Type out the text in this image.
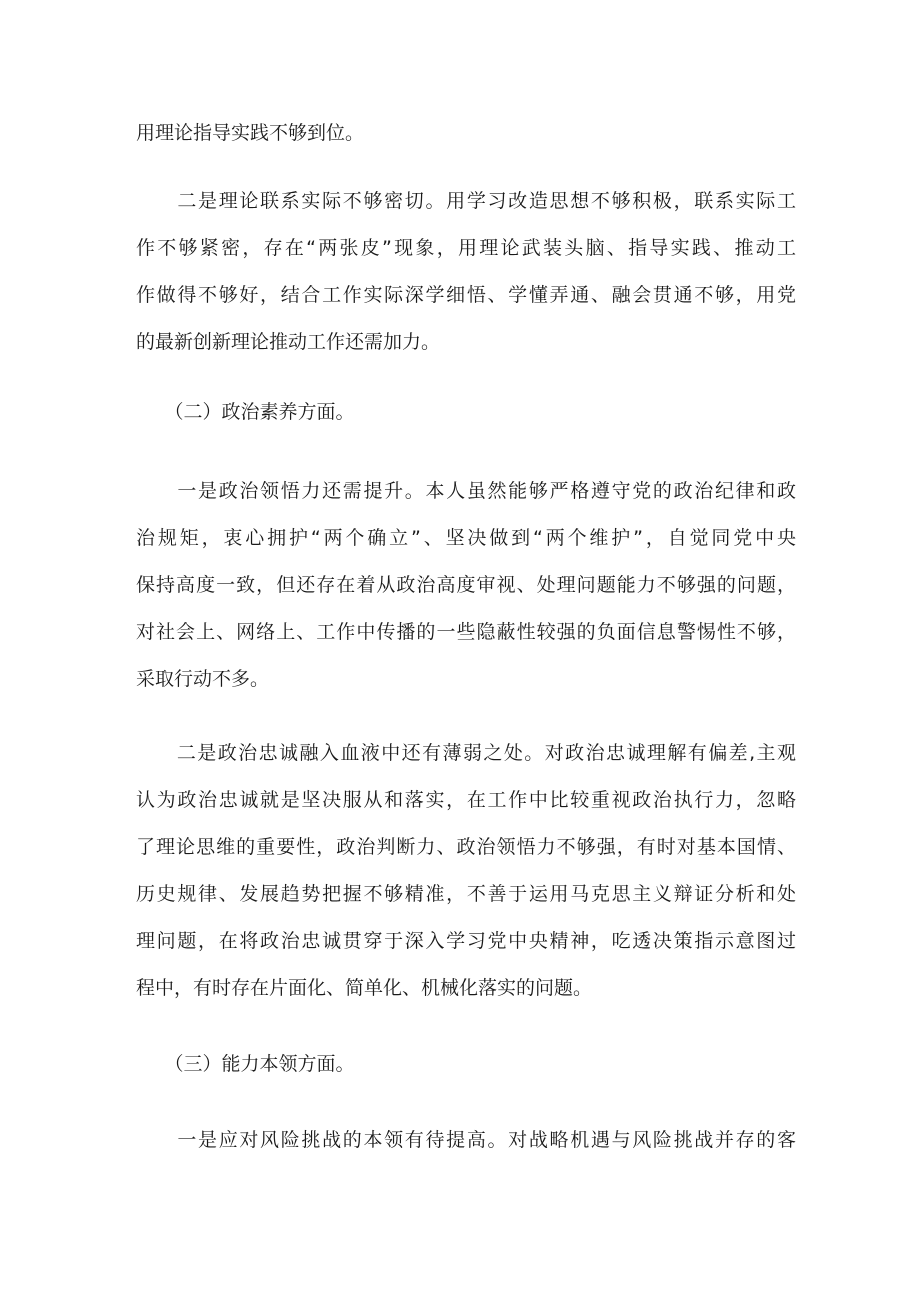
用理论指导实践不够到位。

　　二是理论联系实际不够密切。用学习改造思想不够积极，联系实际工

作不够紧密，存在“两张皮”现象，用理论武装头脑、指导实践、推动工

作做得不够好，结合工作实际深学细悟、学懂弄通、融会贯通不够，用党

的最新创新理论推动工作还需加力。

　　（二）政治素养方面。

　　一是政治领悟力还需提升。本人虽然能够严格遵守党的政治纪律和政

治规矩，衷心拥护“两个确立”、坚决做到“两个维护”，自觉同党中央

保持高度一致，但还存在着从政治高度审视、处理问题能力不够强的问题，

对社会上、网络上、工作中传播的一些隐蔽性较强的负面信息警惕性不够，

采取行动不多。

　　二是政治忠诚融入血液中还有薄弱之处。对政治忠诚理解有偏差,主观

认为政治忠诚就是坚决服从和落实，在工作中比较重视政治执行力，忽略

了理论思维的重要性，政治判断力、政治领悟力不够强，有时对基本国情、

历史规律、发展趋势把握不够精准，不善于运用马克思主义辩证分析和处

理问题，在将政治忠诚贯穿于深入学习党中央精神，吃透决策指示意图过

程中，有时存在片面化、简单化、机械化落实的问题。

　　（三）能力本领方面。

　　一是应对风险挑战的本领有待提高。对战略机遇与风险挑战并存的客
